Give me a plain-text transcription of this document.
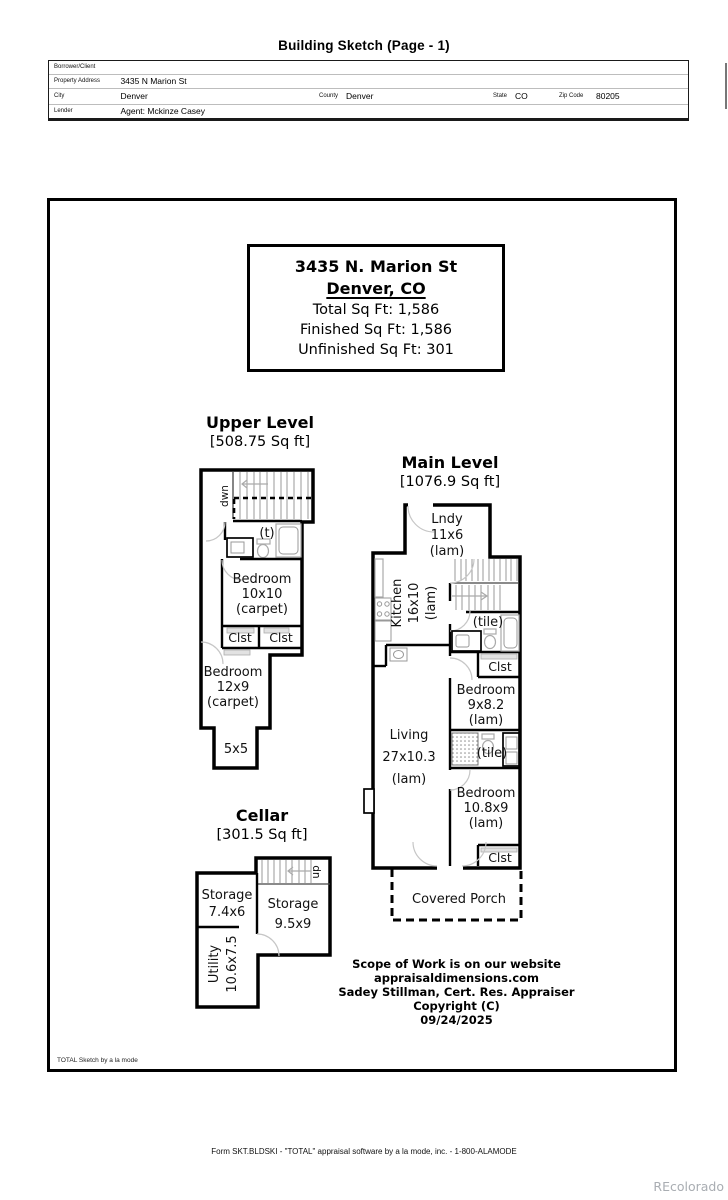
Building Sketch (Page - 1)
Borrower/Client
Property Address 3435 N Marion St
City	Denver	County Denver	State CO	Zip Code 80205
Lender	Agent: Mckinze Casey
3435 N. Marion St
Denver, CO
Total Sq Ft: 1,586
Finished Sq Ft: 1,586
Unfinished Sq Ft: 301
Upper Level
[508.75 Sq ft]
Main Level
[1076.9 Sq ft]
Cellar
[301.5 Sq ft]
dwn
(t)
Bedroom
10x10
(carpet)
Clst Clst
Bedroom
12x9
(carpet)
5x5
Lndy
11x6
(lam)
Kitchen 16x10 (lam)
(tile)
Clst
Bedroom
9x8.2
(lam)
Living
27x10.3
(lam)
(tile)
Bedroom
10.8x9
(lam)
Clst
Covered Porch
up
Storage
7.4x6
Storage
9.5x9
Utility 10.6x7.5	Scope of Work is on our website
appraisaldimensions.com
Sadey Stillman, Cert. Res. Appraiser
Copyright (C)
09/24/2025
TOTAL Sketch by a la mode
Form SKT.BLDSKI - "TOTAL" appraisal software by a la mode, inc. - 1-800-ALAMODE
REcolorado
